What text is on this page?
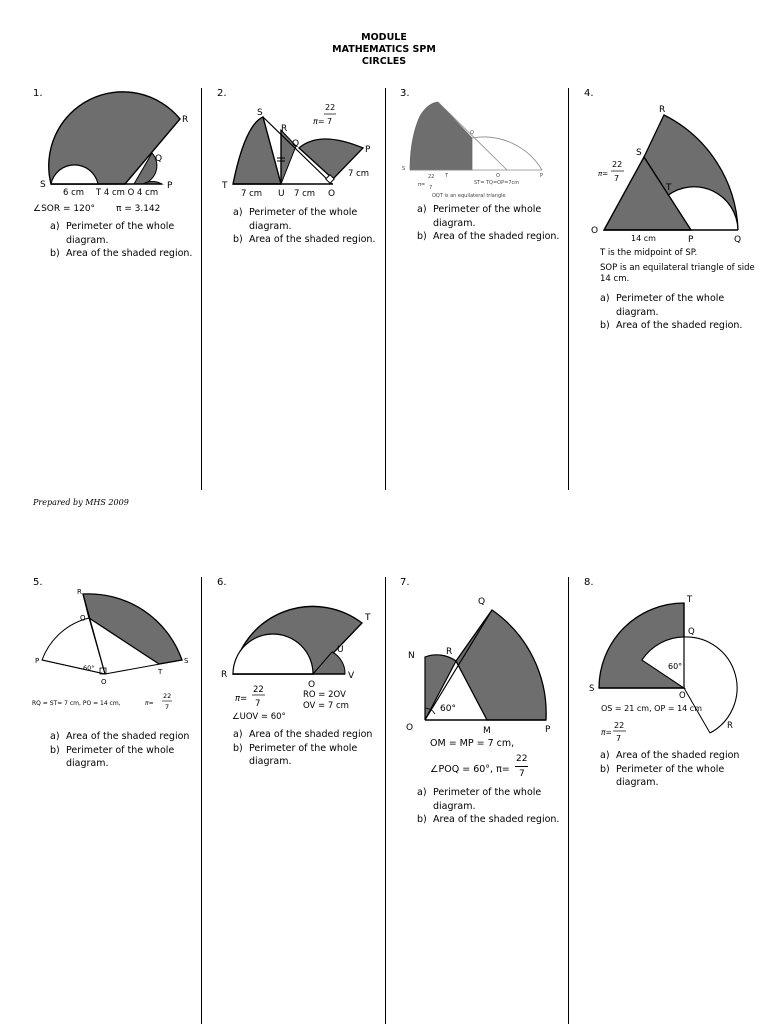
MODULE
MATHEMATICS SPM
CIRCLES
1.
S
R
Q
P
6 cm T 4 cm O 4 cm
∠SOR = 120° π = 3.142
a) Perimeter of the whole diagram.
b) Area of the shaded region.
2.
S
R
Q
P
T
U	O
7 cm	7 cm
7 cm
π=
22
7
a) Perimeter of the whole diagram.
b) Area of the shaded region.
3.
S
Q
T	O	P
π=
22
7
ST= TQ=OP=7cm
OQT is an equilateral triangle
a) Perimeter of the whole diagram.
b) Area of the shaded region.
4.
R
S
T
O
P	Q
14 cm
π=
22
7
T is the midpoint of SP.
SOP is an equilateral triangle of side 14 cm.
a) Perimeter of the whole diagram.
b) Area of the shaded region.
Prepared by MHS 2009
5.
R
Q
P
O
T
S
60°
RQ = ST= 7 cm, PO = 14 cm,	π=
22
7
a) Area of the shaded region
b) Perimeter of the whole diagram.
6.
T
U
R
O
V
π=
22
7
RO = 2OV
OV = 7 cm
∠UOV = 60°
a) Area of the shaded region
b) Perimeter of the whole diagram.
7.
Q
N	R
O	M	P
60°
OM = MP = 7 cm,
∠POQ = 60°, π=
22
7
a) Perimeter of the whole diagram.
b) Area of the shaded region.
8.
T
Q
S
O
R
60°
OS = 21 cm, OP = 14 cm
π=
22
7
a) Area of the shaded region
b) Perimeter of the whole diagram.
